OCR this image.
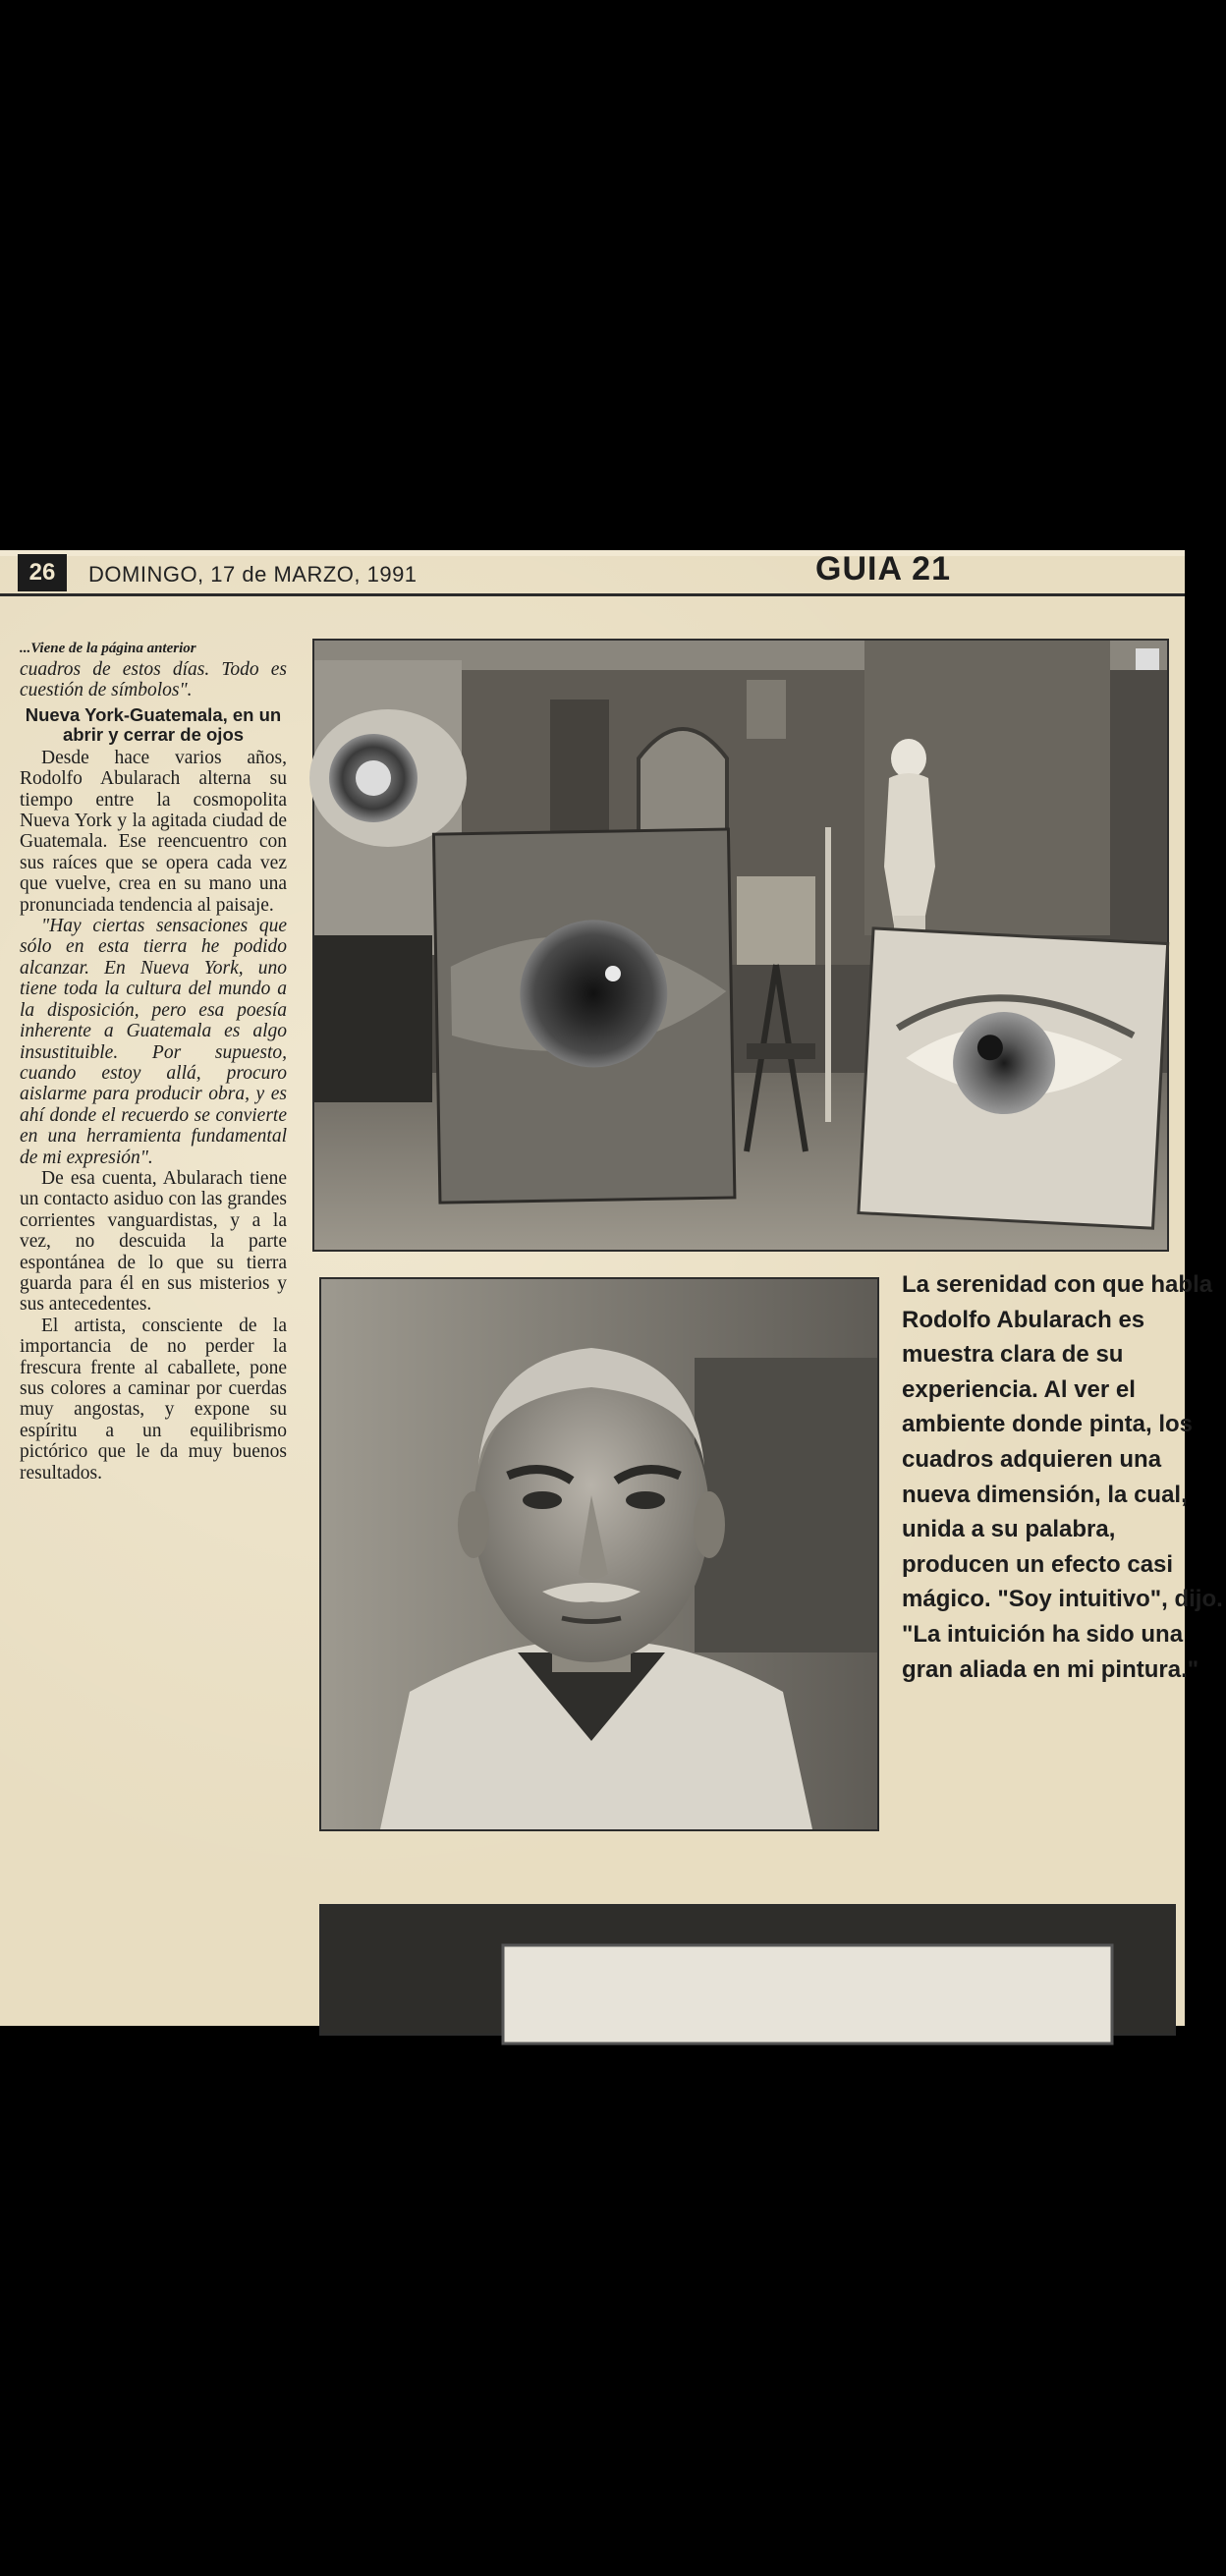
26	DOMINGO, 17 de MARZO, 1991	GUIA 21
...Viene de la página anterior

cuadros de estos días. Todo es cuestión de símbolos".

Nueva York-Guatemala, en un abrir y cerrar de ojos

Desde hace varios años, Rodolfo Abularach alterna su tiempo entre la cosmopolita Nueva York y la agitada ciudad de Guatemala. Ese reencuentro con sus raíces que se opera cada vez que vuelve, crea en su mano una pronunciada tendencia al paisaje.

"Hay ciertas sensaciones que sólo en esta tierra he podido alcanzar. En Nueva York, uno tiene toda la cultura del mundo a la disposición, pero esa poesía inherente a Guatemala es algo insustituible. Por supuesto, cuando estoy allá, procuro aislarme para producir obra, y es ahí donde el recuerdo se convierte en una herramienta fundamental de mi expresión".

De esa cuenta, Abularach tiene un contacto asiduo con las grandes corrientes vanguardistas, y a la vez, no descuida la parte espontánea de lo que su tierra guarda para él en sus misterios y sus antecedentes.

El artista, consciente de la importancia de no perder la frescura frente al caballete, pone sus colores a caminar por cuerdas muy angostas, y expone su espíritu a un equilibrismo pictórico que le da muy buenos resultados.

La serenidad con que habla Rodolfo Abularach es muestra clara de su experiencia. Al ver el ambiente donde pinta, los cuadros adquieren una nueva dimensión, la cual, unida a su palabra, producen un efecto casi mágico. "Soy intuitivo", dijo. "La intuición ha sido una gran aliada en mi pintura."
